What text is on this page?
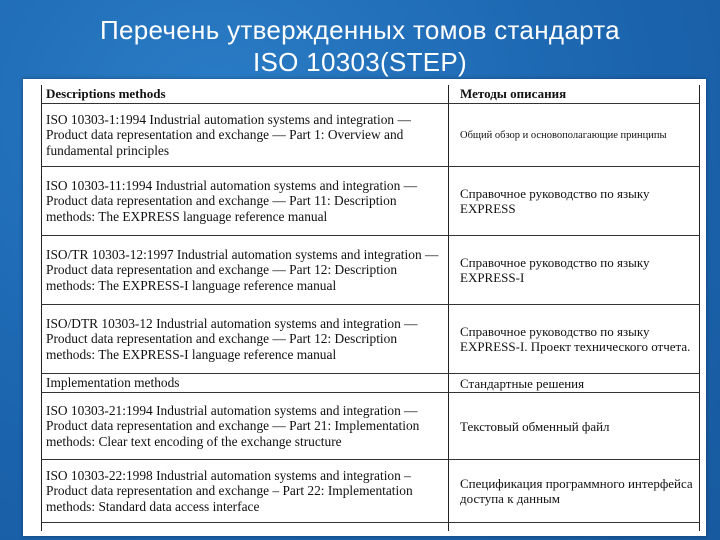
Перечень утвержденных томов стандарта
ISO 10303(STEP)
Descriptions methods	Методы описания
ISO 10303-1:1994 Industrial automation systems and integration — Product data representation and exchange — Part 1: Overview and fundamental principles	Общий обзор и основополагающие принципы
ISO 10303-11:1994 Industrial automation systems and integration — Product data representation and exchange — Part 11: Description methods: The EXPRESS language reference manual	Справочное руководство по языку EXPRESS
ISO/TR 10303-12:1997 Industrial automation systems and integration — Product data representation and exchange — Part 12: Description methods: The EXPRESS-I language reference manual	Справочное руководство по языку EXPRESS-I
ISO/DTR 10303-12 Industrial automation systems and integration — Product data representation and exchange — Part 12: Description methods: The EXPRESS-I language reference manual	Справочное руководство по языку EXPRESS-I. Проект технического отчета.
Implementation methods	Стандартные решения
ISO 10303-21:1994 Industrial automation systems and integration — Product data representation and exchange — Part 21: Implementation methods: Clear text encoding of the exchange structure	Текстовый обменный файл
ISO 10303-22:1998 Industrial automation systems and integration – Product data representation and exchange – Part 22: Implementation methods: Standard data access interface	Спецификация программного интерфейса доступа к данным
